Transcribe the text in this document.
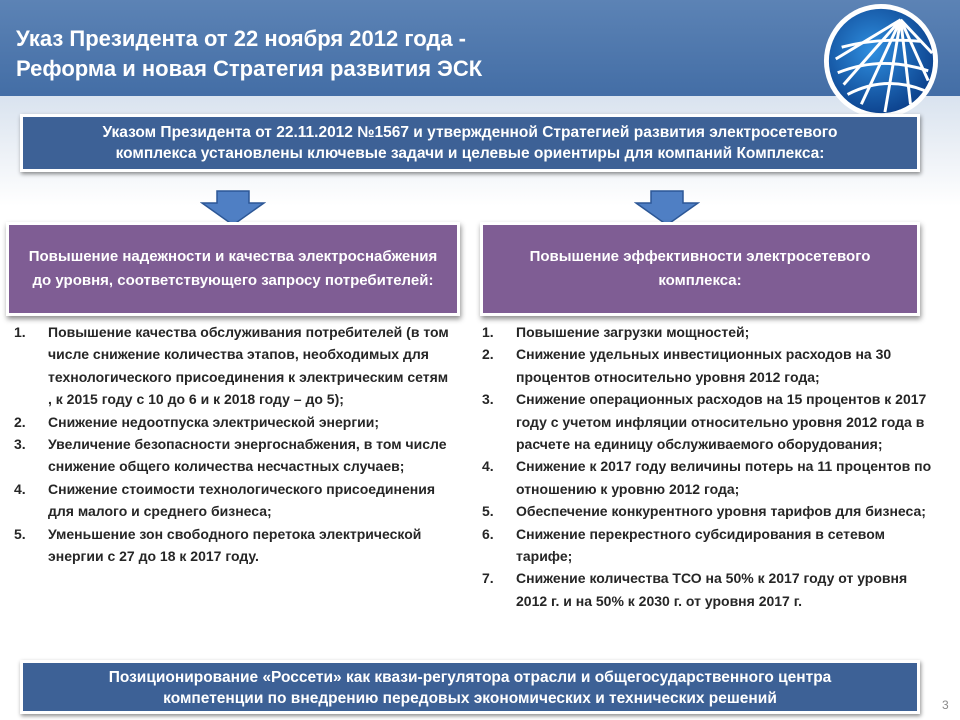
Указ Президента от 22 ноября 2012 года -
Реформа и новая Стратегия развития ЭСК
Указом Президента от 22.11.2012 №1567 и утвержденной Стратегией развития электросетевого
комплекса установлены ключевые задачи и целевые ориентиры для компаний Комплекса:
Повышение надежности и качества электроснабжения до уровня, соответствующего запросу потребителей:
Повышение эффективности электросетевого комплекса:
1.	Повышение качества обслуживания потребителей (в том числе снижение количества этапов, необходимых для технологического присоединения к электрическим сетям , к 2015 году с 10 до 6 и к 2018 году – до 5);
2.	Снижение недоотпуска электрической энергии;
3.	Увеличение безопасности энергоснабжения, в том числе снижение общего количества несчастных случаев;
4.	Снижение стоимости технологического присоединения для малого и среднего бизнеса;
5.	Уменьшение зон свободного перетока электрической энергии с 27 до 18 к 2017 году.
1.	Повышение загрузки мощностей;
2.	Снижение удельных инвестиционных расходов на 30 процентов относительно уровня 2012 года;
3.	Снижение операционных расходов на 15 процентов к 2017 году с учетом инфляции относительно уровня 2012 года в расчете на единицу обслуживаемого оборудования;
4.	Снижение к 2017 году величины потерь на 11 процентов по отношению к уровню 2012 года;
5.	Обеспечение конкурентного уровня тарифов для бизнеса;
6.	Снижение перекрестного субсидирования в сетевом тарифе;
7.	Снижение количества ТСО на 50% к 2017 году от уровня 2012 г. и на 50% к 2030 г. от уровня 2017 г.
Позиционирование «Россети» как квази-регулятора отрасли и общегосударственного центра
компетенции по внедрению передовых экономических и технических решений	3
